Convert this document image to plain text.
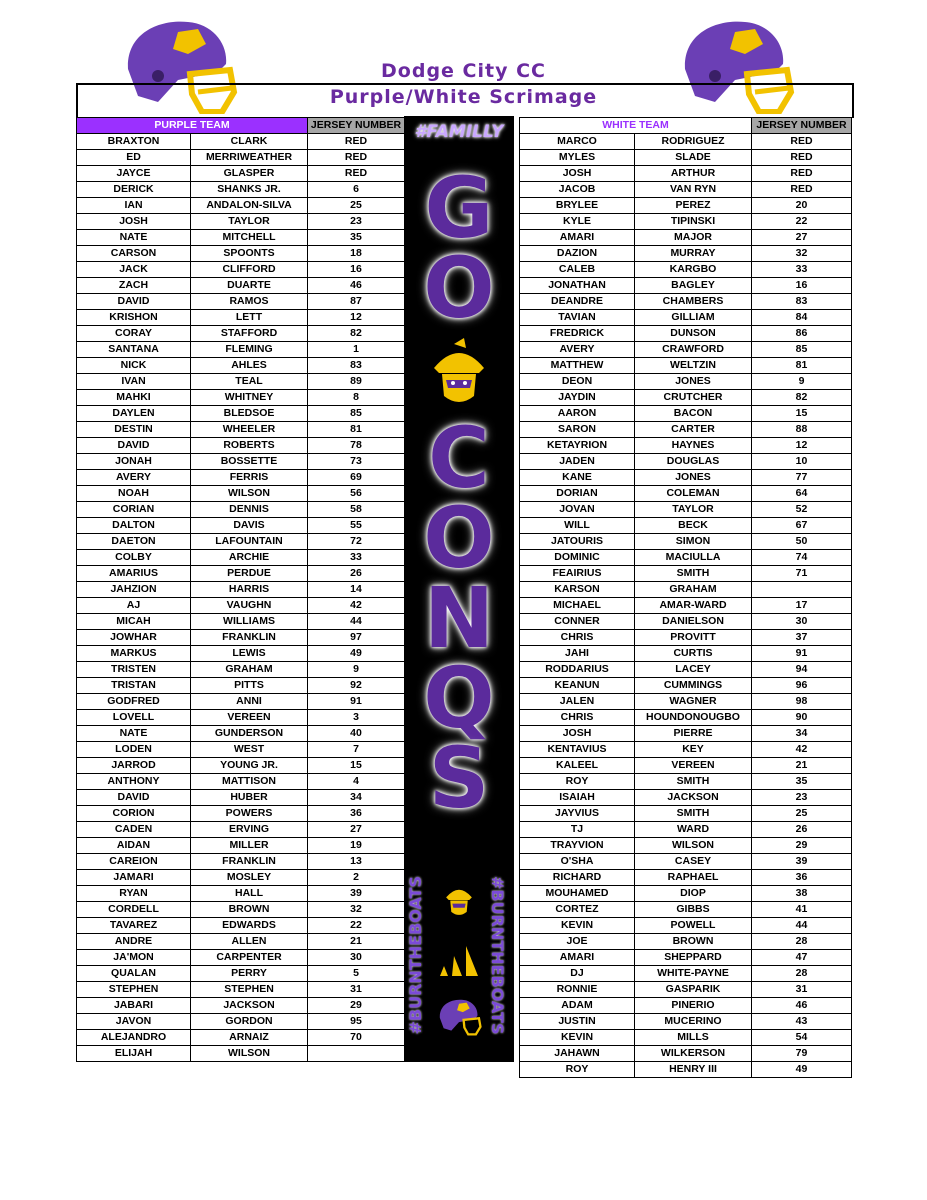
Dodge City CC
Purple/White Scrimage
PURPLE TEAM		JERSEY NUMBER
BRAXTON	CLARK	RED
ED	MERRIWEATHER	RED
JAYCE	GLASPER	RED
DERICK	SHANKS JR.	6
IAN	ANDALON-SILVA	25
JOSH	TAYLOR	23
NATE	MITCHELL	35
CARSON	SPOONTS	18
JACK	CLIFFORD	16
ZACH	DUARTE	46
DAVID	RAMOS	87
KRISHON	LETT	12
CORAY	STAFFORD	82
SANTANA	FLEMING	1
NICK	AHLES	83
IVAN	TEAL	89
MAHKI	WHITNEY	8
DAYLEN	BLEDSOE	85
DESTIN	WHEELER	81
DAVID	ROBERTS	78
JONAH	BOSSETTE	73
AVERY	FERRIS	69
NOAH	WILSON	56
CORIAN	DENNIS	58
DALTON	DAVIS	55
DAETON	LAFOUNTAIN	72
COLBY	ARCHIE	33
AMARIUS	PERDUE	26
JAHZION	HARRIS	14
AJ	VAUGHN	42
MICAH	WILLIAMS	44
JOWHAR	FRANKLIN	97
MARKUS	LEWIS	49
TRISTEN	GRAHAM	9
TRISTAN	PITTS	92
GODFRED	ANNI	91
LOVELL	VEREEN	3
NATE	GUNDERSON	40
LODEN	WEST	7
JARROD	YOUNG JR.	15
ANTHONY	MATTISON	4
DAVID	HUBER	34
CORION	POWERS	36
CADEN	ERVING	27
AIDAN	MILLER	19
CAREION	FRANKLIN	13
JAMARI	MOSLEY	2
RYAN	HALL	39
CORDELL	BROWN	32
TAVAREZ	EDWARDS	22
ANDRE	ALLEN	21
JA'MON	CARPENTER	30
QUALAN	PERRY	5
STEPHEN	STEPHEN	31
JABARI	JACKSON	29
JAVON	GORDON	95
ALEJANDRO	ARNAIZ	70
ELIJAH	WILSON	
WHITE TEAM		JERSEY NUMBER
MARCO	RODRIGUEZ	RED
MYLES	SLADE	RED
JOSH	ARTHUR	RED
JACOB	VAN RYN	RED
BRYLEE	PEREZ	20
KYLE	TIPINSKI	22
AMARI	MAJOR	27
DAZION	MURRAY	32
CALEB	KARGBO	33
JONATHAN	BAGLEY	16
DEANDRE	CHAMBERS	83
TAVIAN	GILLIAM	84
FREDRICK	DUNSON	86
AVERY	CRAWFORD	85
MATTHEW	WELTZIN	81
DEON	JONES	9
JAYDIN	CRUTCHER	82
AARON	BACON	15
SARON	CARTER	88
KETAYRION	HAYNES	12
JADEN	DOUGLAS	10
KANE	JONES	77
DORIAN	COLEMAN	64
JOVAN	TAYLOR	52
WILL	BECK	67
JATOURIS	SIMON	50
DOMINIC	MACIULLA	74
FEAIRIUS	SMITH	71
KARSON	GRAHAM	
MICHAEL	AMAR-WARD	17
CONNER	DANIELSON	30
CHRIS	PROVITT	37
JAHI	CURTIS	91
RODDARIUS	LACEY	94
KEANUN	CUMMINGS	96
JALEN	WAGNER	98
CHRIS	HOUNDONOUGBO	90
JOSH	PIERRE	34
KENTAVIUS	KEY	42
KALEEL	VEREEN	21
ROY	SMITH	35
ISAIAH	JACKSON	23
JAYVIUS	SMITH	25
TJ	WARD	26
TRAYVION	WILSON	29
O'SHA	CASEY	39
RICHARD	RAPHAEL	36
MOUHAMED	DIOP	38
CORTEZ	GIBBS	41
KEVIN	POWELL	44
JOE	BROWN	28
AMARI	SHEPPARD	47
DJ	WHITE-PAYNE	28
RONNIE	GASPARIK	31
ADAM	PINERIO	46
JUSTIN	MUCERINO	43
KEVIN	MILLS	54
JAHAWN	WILKERSON	79
ROY	HENRY III	49
#FAMILLY
G
O
C
O
N
Q
S
#BURNTHEBOATS	#BURNTHEBOATS
